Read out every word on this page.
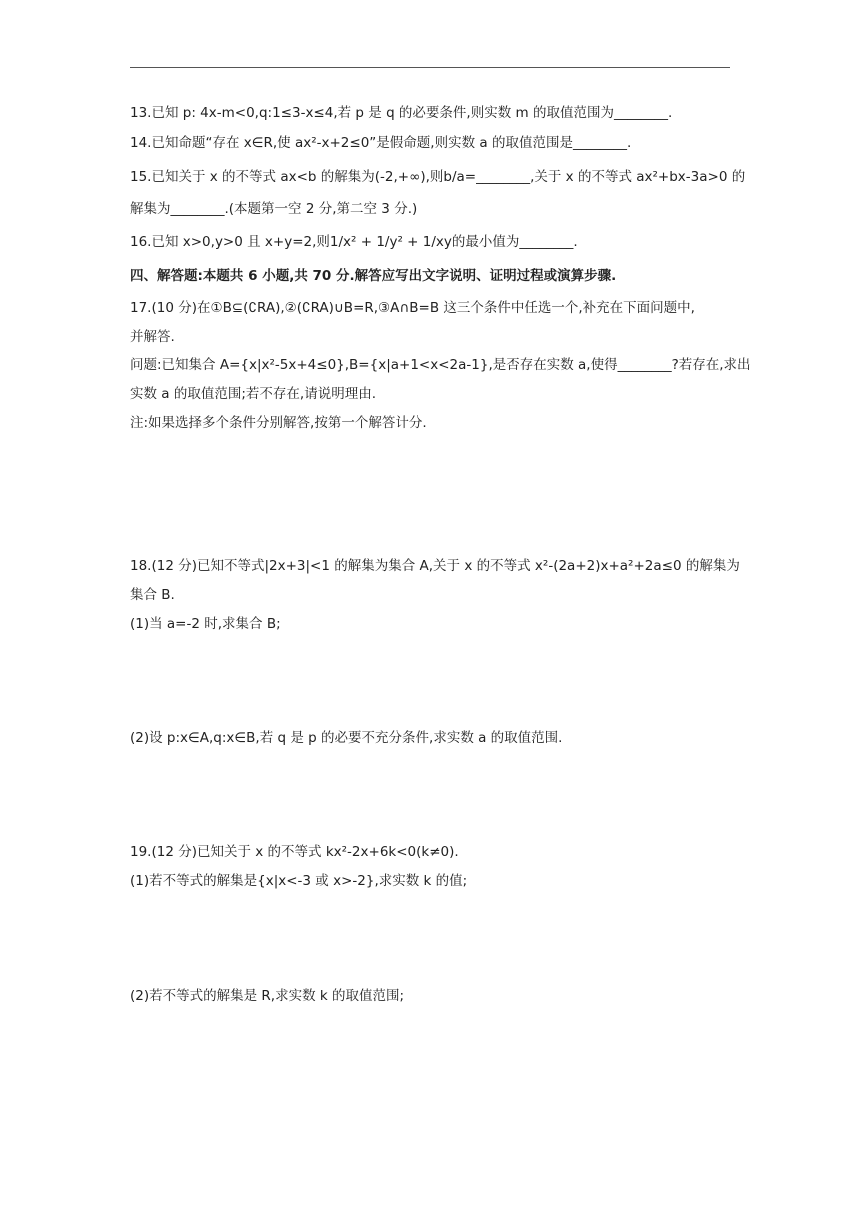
13.已知 p: 4x-m<0,q:1≤3-x≤4,若 p 是 q 的必要条件,则实数 m 的取值范围为________.
14.已知命题“存在 x∈R,使 ax²-x+2≤0”是假命题,则实数 a 的取值范围是________.
15.已知关于 x 的不等式 ax<b 的解集为(-2,+∞),则b/a=________,关于 x 的不等式 ax²+bx-3a>0 的
解集为________.(本题第一空 2 分,第二空 3 分.)
16.已知 x>0,y>0 且 x+y=2,则1/x² + 1/y² + 1/xy的最小值为________.
四、解答题:本题共 6 小题,共 70 分.解答应写出文字说明、证明过程或演算步骤.
17.(10 分)在①B⊆(∁RA),②(∁RA)∪B=R,③A∩B=B 这三个条件中任选一个,补充在下面问题中,
并解答.
问题:已知集合 A={x|x²-5x+4≤0},B={x|a+1<x<2a-1},是否存在实数 a,使得________?若存在,求出
实数 a 的取值范围;若不存在,请说明理由.
注:如果选择多个条件分别解答,按第一个解答计分.
18.(12 分)已知不等式|2x+3|<1 的解集为集合 A,关于 x 的不等式 x²-(2a+2)x+a²+2a≤0 的解集为
集合 B.
(1)当 a=-2 时,求集合 B;
(2)设 p:x∈A,q:x∈B,若 q 是 p 的必要不充分条件,求实数 a 的取值范围.
19.(12 分)已知关于 x 的不等式 kx²-2x+6k<0(k≠0).
(1)若不等式的解集是{x|x<-3 或 x>-2},求实数 k 的值;
(2)若不等式的解集是 R,求实数 k 的取值范围;
